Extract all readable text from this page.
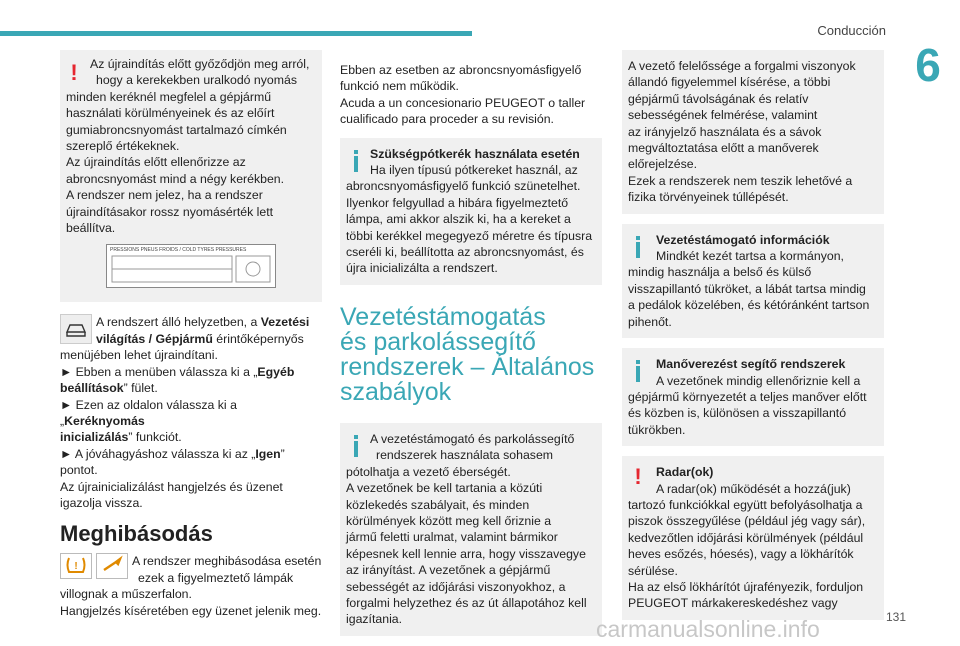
Conducción
6
!	Az újraindítás előtt győződjön meg arról,

hogy a kerekekben uralkodó nyomás

minden keréknél megfelel a gépjármű

használati körülményeinek és az előírt

gumiabroncsnyomást tartalmazó címkén

szereplő értékeknek.

Az újraindítás előtt ellenőrizze az

abroncsnyomást mind a négy kerékben.

A rendszer nem jelez, ha a rendszer

újraindításakor rossz nyomásérték lett

beállítva.

PRESSIONS PNEUS FROIDS / COLD TYRES PRESSURES

A rendszert álló helyzetben, a Vezetési

világítás / Gépjármű érintőképernyős

menüjében lehet újraindítani.

► Ebben a menüben válassza ki a „Egyéb

beállítások” fület.

► Ezen az oldalon válassza ki a „Keréknyomás

inicializálás” funkciót.

► A jóváhagyáshoz válassza ki az „Igen”

pontot.

Az újrainicializálást hangjelzés és üzenet

igazolja vissza.

Meghibásodás
!
	A rendszer meghibásodása esetén

ezek a figyelmeztető lámpák

villognak a műszerfalon.

Hangjelzés kíséretében egy üzenet jelenik meg.

Ebben az esetben az abroncsnyomásfigyelő

funkció nem működik.

Acuda a un concesionario PEUGEOT o taller

cualificado para proceder a su revisión.

Szükségpótkerék használata esetén

Ha ilyen típusú pótkereket használ, az

abroncsnyomásfigyelő funkció szünetelhet.

Ilyenkor felgyullad a hibára figyelmeztető

lámpa, ami akkor alszik ki, ha a kereket a

többi kerékkel megegyező méretre és típusra

cseréli ki, beállította az abroncsnyomást, és

újra inicializálta a rendszert.

Vezetéstámogatás
és parkolássegítő
rendszerek – Általános
szabályok

A vezetéstámogató és parkolássegítő

rendszerek használata sohasem

pótolhatja a vezető éberségét.

A vezetőnek be kell tartania a közúti

közlekedés szabályait, és minden

körülmények között meg kell őriznie a

jármű feletti uralmat, valamint bármikor

képesnek kell lennie arra, hogy visszavegye

az irányítást. A vezetőnek a gépjármű

sebességét az időjárási viszonyokhoz, a

forgalmi helyzethez és az út állapotához kell

igazítania.

A vezető felelőssége a forgalmi viszonyok

állandó figyelemmel kísérése, a többi

gépjármű távolságának és relatív

sebességének felmérése, valamint

az irányjelző használata és a sávok

megváltoztatása előtt a manőverek

előrejelzése.

Ezek a rendszerek nem teszik lehetővé a

fizika törvényeinek túllépését.

Vezetéstámogató információk

Mindkét kezét tartsa a kormányon,

mindig használja a belső és külső

visszapillantó tükröket, a lábát tartsa mindig

a pedálok közelében, és kétóránként tartson

pihenőt.

Manőverezést segítő rendszerek

A vezetőnek mindig ellenőriznie kell a

gépjármű környezetét a teljes manőver előtt

és közben is, különösen a visszapillantó

tükrökben.

!	Radar(ok)

A radar(ok) működését a hozzá(juk)

tartozó funkciókkal együtt befolyásolhatja a

piszok összegyűlése (például jég vagy sár),

kedvezőtlen időjárási körülmények (például

heves esőzés, hóesés), vagy a lökhárítók

sérülése.

Ha az első lökhárítót újrafényezik, forduljon

PEUGEOT márkakereskedéshez vagy

carmanualsonline.info	131
